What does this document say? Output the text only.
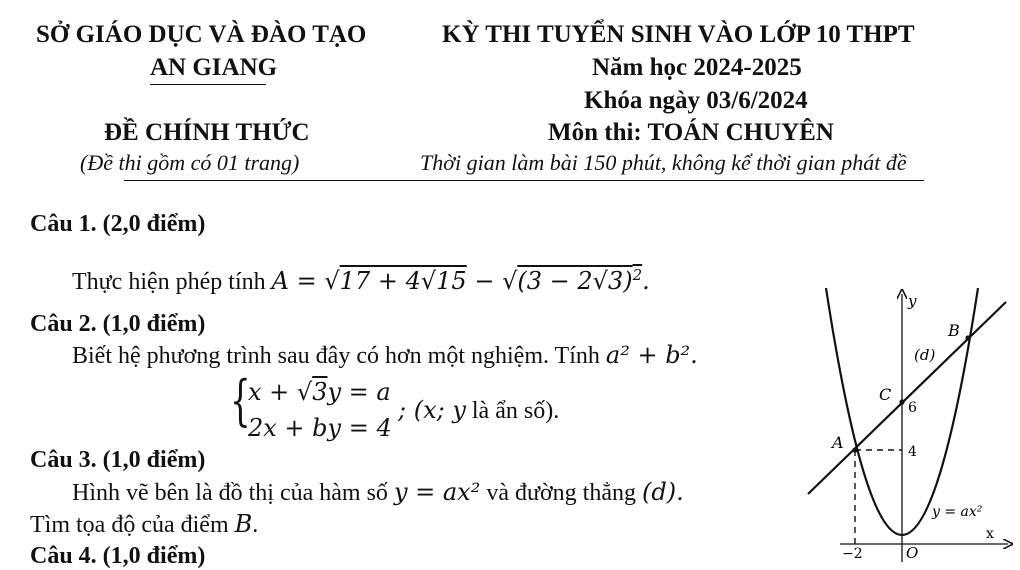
SỞ GIÁO DỤC VÀ ĐÀO TẠO
AN GIANG
ĐỀ CHÍNH THỨC
(Đề thi gồm có 01 trang)
KỲ THI TUYỂN SINH VÀO LỚP 10 THPT
Năm học 2024-2025
Khóa ngày 03/6/2024
Môn thi: TOÁN CHUYÊN
Thời gian làm bài 150 phút, không kể thời gian phát đề
Câu 1. (2,0 điểm)
Thực hiện phép tính $A = √17 + 4√15 - √(3 - 2√3)^2$.
Câu 2. (1,0 điểm)
Biết hệ phương trình sau đây có hơn một nghiệm. Tính a² + b².
{
x + √3y = a
2x + by = 4
; (x; y là ẩn số).
Câu 3. (1,0 điểm)
Hình vẽ bên là đồ thị của hàm số y = ax² và đường thẳng (d).
Tìm tọa độ của điểm B.
Câu 4. (1,0 điểm)
y
x
O
A
B
C
(d)
y = ax²
−2
4
6
